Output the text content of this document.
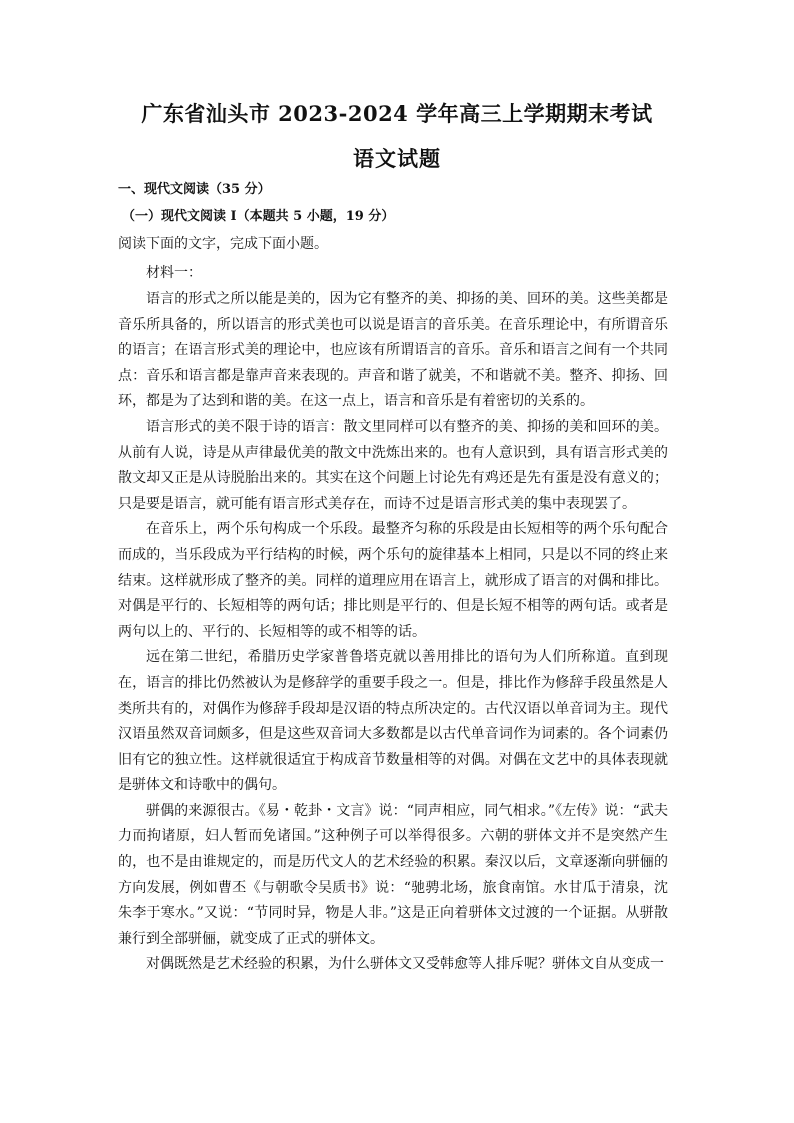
广东省汕头市 2023-2024 学年高三上学期期末考试
语文试题
一、现代文阅读（35 分）
（一）现代文阅读 I（本题共 5 小题，19 分）
阅读下面的文字，完成下面小题。
材料一：

语言的形式之所以能是美的，因为它有整齐的美、抑扬的美、回环的美。这些美都是音乐所具备的，所以语言的形式美也可以说是语言的音乐美。在音乐理论中，有所谓音乐的语言；在语言形式美的理论中，也应该有所谓语言的音乐。音乐和语言之间有一个共同点：音乐和语言都是靠声音来表现的。声音和谐了就美，不和谐就不美。整齐、抑扬、回环，都是为了达到和谐的美。在这一点上，语言和音乐是有着密切的关系的。

语言形式的美不限于诗的语言：散文里同样可以有整齐的美、抑扬的美和回环的美。从前有人说，诗是从声律最优美的散文中洗炼出来的。也有人意识到，具有语言形式美的散文却又正是从诗脱胎出来的。其实在这个问题上讨论先有鸡还是先有蛋是没有意义的；只是要是语言，就可能有语言形式美存在，而诗不过是语言形式美的集中表现罢了。

在音乐上，两个乐句构成一个乐段。最整齐匀称的乐段是由长短相等的两个乐句配合而成的，当乐段成为平行结构的时候，两个乐句的旋律基本上相同，只是以不同的终止来结束。这样就形成了整齐的美。同样的道理应用在语言上，就形成了语言的对偶和排比。对偶是平行的、长短相等的两句话；排比则是平行的、但是长短不相等的两句话。或者是两句以上的、平行的、长短相等的或不相等的话。

远在第二世纪，希腊历史学家普鲁塔克就以善用排比的语句为人们所称道。直到现在，语言的排比仍然被认为是修辞学的重要手段之一。但是，排比作为修辞手段虽然是人类所共有的，对偶作为修辞手段却是汉语的特点所决定的。古代汉语以单音词为主。现代汉语虽然双音词颇多，但是这些双音词大多数都是以古代单音词作为词素的。各个词素仍旧有它的独立性。这样就很适宜于构成音节数量相等的对偶。对偶在文艺中的具体表现就是骈体文和诗歌中的偶句。

骈偶的来源很古。《易・乾卦・文言》说：“同声相应，同气相求。”《左传》说：“武夫力而拘诸原，妇人暂而免诸国。”这种例子可以举得很多。六朝的骈体文并不是突然产生的，也不是由谁规定的，而是历代文人的艺术经验的积累。秦汉以后，文章逐渐向骈俪的方向发展，例如曹丕《与朝歌令吴质书》说：“驰骋北场，旅食南馆。水甘瓜于清泉，沈朱李于寒水。”又说：“节同时异，物是人非。”这是正向着骈体文过渡的一个证据。从骈散兼行到全部骈俪，就变成了正式的骈体文。

对偶既然是艺术经验的积累，为什么骈体文又受韩愈等人排斥呢？骈体文自从变成一
